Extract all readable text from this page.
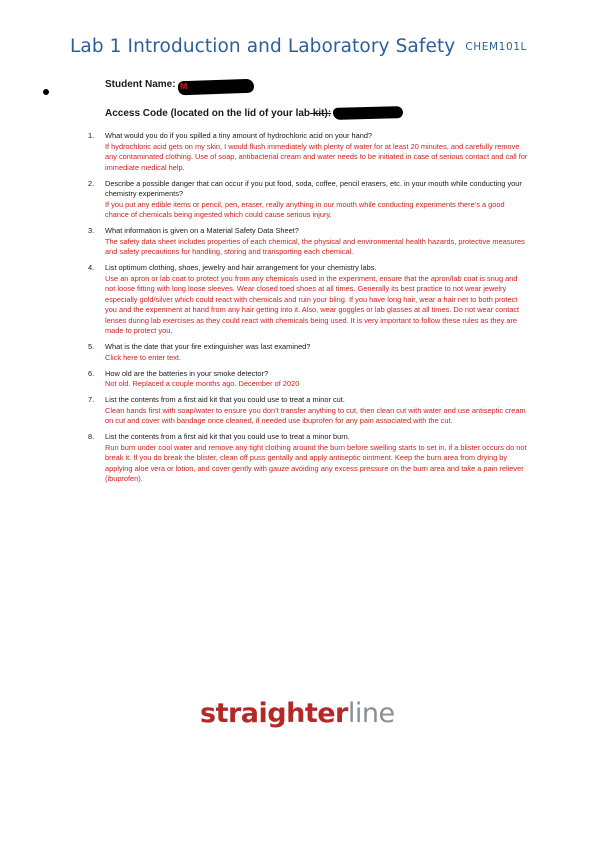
Lab 1 Introduction and Laboratory Safety CHEM101L
Student Name: M
Access Code (located on the lid of your lab kit):
1.	What would you do if you spilled a tiny amount of hydrochloric acid on your hand?
If hydrochloric acid gets on my skin, I would flush immediately with plenty of water for at least 20 minutes, and carefully remove any contaminated clothing. Use of soap, antibacterial cream and water needs to be initiated in case of serious contact and call for immediate medical help.
2.	Describe a possible danger that can occur if you put food, soda, coffee, pencil erasers, etc. in your mouth while conducting your chemistry experiments?
If you put any edible items or pencil, pen, eraser, really anything in our mouth while conducting experiments there’s a good chance of chemicals being ingested which could cause serious injury.
3.	What information is given on a Material Safety Data Sheet?
The safety data sheet includes properties of each chemical, the physical and environmental health hazards, protective measures and safety precautions for handling, storing and transporting each chemical.
4.	List optimum clothing, shoes, jewelry and hair arrangement for your chemistry labs.
Use an apron or lab coat to protect you from any chemicals used in the experiment, ensure that the apron/lab coat is snug and not loose fitting with long loose sleeves. Wear closed toed shoes at all times. Generally its best practice to not wear jewelry especially gold/silver which could react with chemicals and ruin your bling. If you have long hair, wear a hair net to both protect you and the experiment at hand from any hair getting into it. Also, wear goggles or lab glasses at all times. Do not wear contact lenses during lab exercises as they could react with chemicals being used. It is very important to follow these rules as they are made to protect you.
5.	What is the date that your fire extinguisher was last examined?
Click here to enter text.
6.	How old are the batteries in your smoke detector?
Not old. Replaced a couple months ago. December of 2020
7.	List the contents from a first aid kit that you could use to treat a minor cut.
Clean hands first with soap/water to ensure you don’t transfer anything to cut, then clean cut with water and use antiseptic cream on cut and cover with bandage once cleaned, if needed use ibuprofen for any pain associated with the cut.
8.	List the contents from a first aid kit that you could use to treat a minor burn.
Run burn under cool water and remove any tight clothing around the burn before swelling starts to set in, if a blister occurs do not break it. If you do break the blister, clean off puss gentally and apply antiseptic ointment. Keep the burn area from drying by applying aloe vera or lotion, and cover gently with gauze avoiding any excess pressure on the burn area and take a pain reliever (ibuprofen).
straighterline
